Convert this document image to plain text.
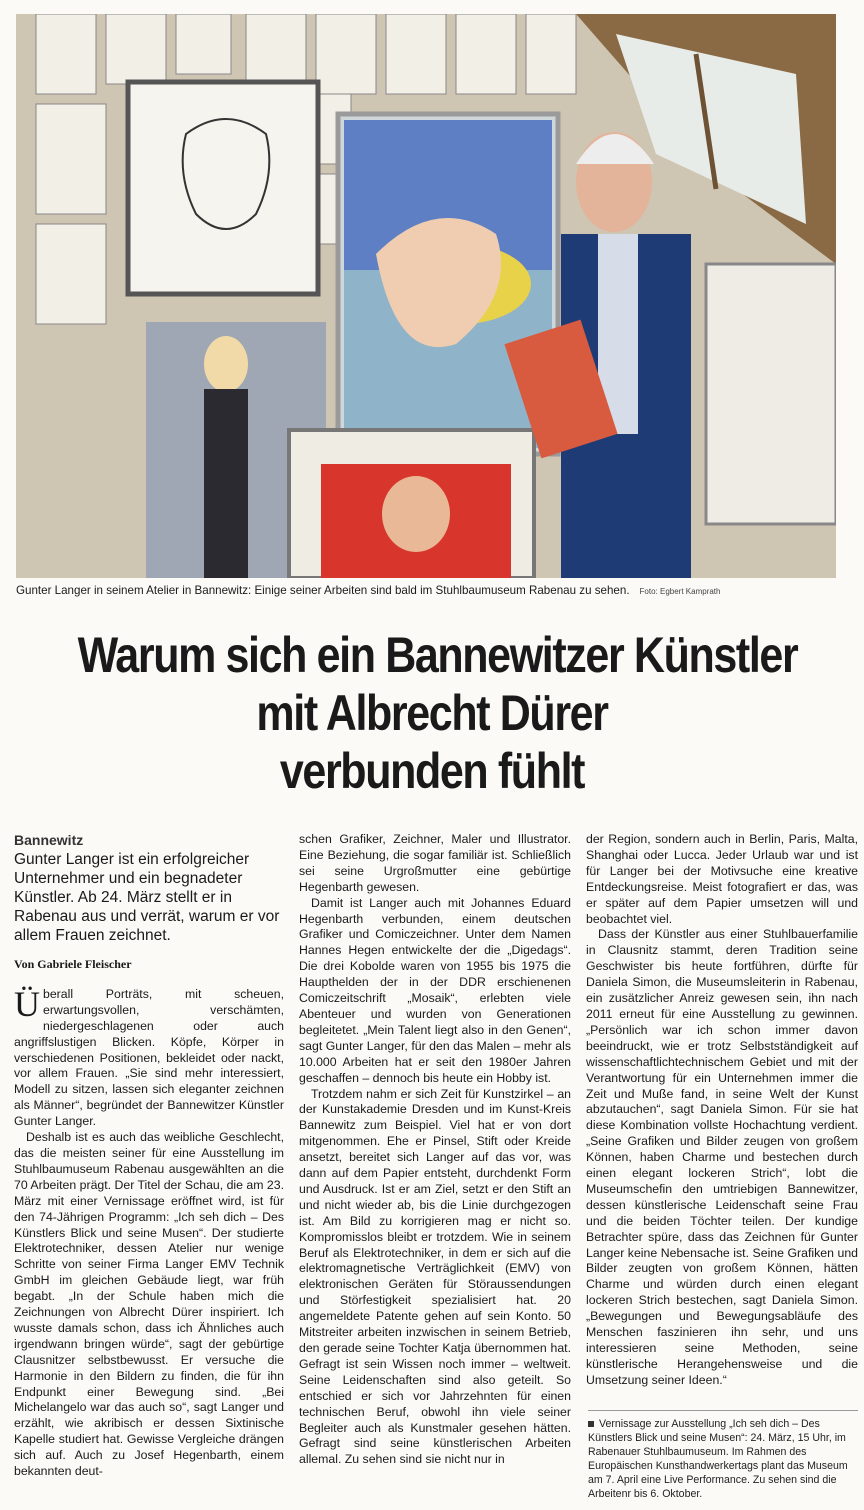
Gunter Langer in seinem Atelier in Bannewitz: Einige seiner Arbeiten sind bald im Stuhlbaumuseum Rabenau zu sehen. Foto: Egbert Kamprath
Warum sich ein Bannewitzer Künstler
mit Albrecht Dürer
verbunden fühlt
Bannewitz
Gunter Langer ist ein erfolgreicher Unternehmer und ein begnadeter Künstler. Ab 24. März stellt er in Rabenau aus und verrät, warum er vor allem Frauen zeichnet.
Von Gabriele Fleischer

Überall Porträts, mit scheuen, erwartungsvollen, verschämten, niedergeschlagenen oder auch angriffslustigen Blicken. Köpfe, Körper in verschiedenen Positionen, bekleidet oder nackt, vor allem Frauen. „Sie sind mehr interessiert, Modell zu sitzen, lassen sich eleganter zeichnen als Männer“, begründet der Bannewitzer Künstler Gunter Langer.

Deshalb ist es auch das weibliche Geschlecht, das die meisten seiner für eine Ausstellung im Stuhlbaumuseum Rabenau ausgewählten an die 70 Arbeiten prägt. Der Titel der Schau, die am 23. März mit einer Vernissage eröffnet wird, ist für den 74-Jährigen Programm: „Ich seh dich – Des Künstlers Blick und seine Musen“. Der studierte Elektrotechniker, dessen Atelier nur wenige Schritte von seiner Firma Langer EMV Technik GmbH im gleichen Gebäude liegt, war früh begabt. „In der Schule haben mich die Zeichnungen von Albrecht Dürer inspiriert. Ich wusste damals schon, dass ich Ähnliches auch irgendwann bringen würde“, sagt der gebürtige Clausnitzer selbstbewusst. Er versuche die Harmonie in den Bildern zu finden, die für ihn Endpunkt einer Bewegung sind. „Bei Michelangelo war das auch so“, sagt Langer und erzählt, wie akribisch er dessen Sixtinische Kapelle studiert hat. Gewisse Vergleiche drängen sich auf. Auch zu Josef Hegenbarth, einem bekannten deut-

schen Grafiker, Zeichner, Maler und Illustrator. Eine Beziehung, die sogar familiär ist. Schließlich sei seine Urgroßmutter eine gebürtige Hegenbarth gewesen.

Damit ist Langer auch mit Johannes Eduard Hegenbarth verbunden, einem deutschen Grafiker und Comiczeichner. Unter dem Namen Hannes Hegen entwickelte der die „Digedags“. Die drei Kobolde waren von 1955 bis 1975 die Haupthelden der in der DDR erschienenen Comiczeitschrift „Mosaik“, erlebten viele Abenteuer und wurden von Generationen begleitetet. „Mein Talent liegt also in den Genen“, sagt Gunter Langer, für den das Malen – mehr als 10.000 Arbeiten hat er seit den 1980er Jahren geschaffen – dennoch bis heute ein Hobby ist.

Trotzdem nahm er sich Zeit für Kunstzirkel – an der Kunstakademie Dresden und im Kunst-Kreis Bannewitz zum Beispiel. Viel hat er von dort mitgenommen. Ehe er Pinsel, Stift oder Kreide ansetzt, bereitet sich Langer auf das vor, was dann auf dem Papier entsteht, durchdenkt Form und Ausdruck. Ist er am Ziel, setzt er den Stift an und nicht wieder ab, bis die Linie durchgezogen ist. Am Bild zu korrigieren mag er nicht so. Kompromisslos bleibt er trotzdem. Wie in seinem Beruf als Elektrotechniker, in dem er sich auf die elektromagnetische Verträglichkeit (EMV) von elektronischen Geräten für Störaussendungen und Störfestigkeit spezialisiert hat. 20 angemeldete Patente gehen auf sein Konto. 50 Mitstreiter arbeiten inzwischen in seinem Betrieb, den gerade seine Tochter Katja übernommen hat. Gefragt ist sein Wissen noch immer – weltweit. Seine Leidenschaften sind also geteilt. So entschied er sich vor Jahrzehnten für einen technischen Beruf, obwohl ihn viele seiner Begleiter auch als Kunstmaler gesehen hätten. Gefragt sind seine künstlerischen Arbeiten allemal. Zu sehen sind sie nicht nur in

der Region, sondern auch in Berlin, Paris, Malta, Shanghai oder Lucca. Jeder Urlaub war und ist für Langer bei der Motivsuche eine kreative Entdeckungsreise. Meist fotografiert er das, was er später auf dem Papier umsetzen will und beobachtet viel.

Dass der Künstler aus einer Stuhlbauerfamilie in Clausnitz stammt, deren Tradition seine Geschwister bis heute fortführen, dürfte für Daniela Simon, die Museumsleiterin in Rabenau, ein zusätzlicher Anreiz gewesen sein, ihn nach 2011 erneut für eine Ausstellung zu gewinnen. „Persönlich war ich schon immer davon beeindruckt, wie er trotz Selbstständigkeit auf wissenschaftlichtechnischem Gebiet und mit der Verantwortung für ein Unternehmen immer die Zeit und Muße fand, in seine Welt der Kunst abzutauchen“, sagt Daniela Simon. Für sie hat diese Kombination vollste Hochachtung verdient. „Seine Grafiken und Bilder zeugen von großem Können, haben Charme und bestechen durch einen elegant lockeren Strich“, lobt die Museumschefin den umtriebigen Bannewitzer, dessen künstlerische Leidenschaft seine Frau und die beiden Töchter teilen. Der kundige Betrachter spüre, dass das Zeichnen für Gunter Langer keine Nebensache ist. Seine Grafiken und Bilder zeugten von großem Können, hätten Charme und würden durch einen elegant lockeren Strich bestechen, sagt Daniela Simon. „Bewegungen und Bewegungsabläufe des Menschen faszinieren ihn sehr, und uns interessieren seine Methoden, seine künstlerische Herangehensweise und die Umsetzung seiner Ideen.“

Vernissage zur Ausstellung „Ich seh dich – Des Künstlers Blick und seine Musen“: 24. März, 15 Uhr, im Rabenauer Stuhlbaumuseum. Im Rahmen des Europäischen Kunsthandwerkertags plant das Museum am 7. April eine Live Performance. Zu sehen sind die Arbeitenr bis 6. Oktober.
